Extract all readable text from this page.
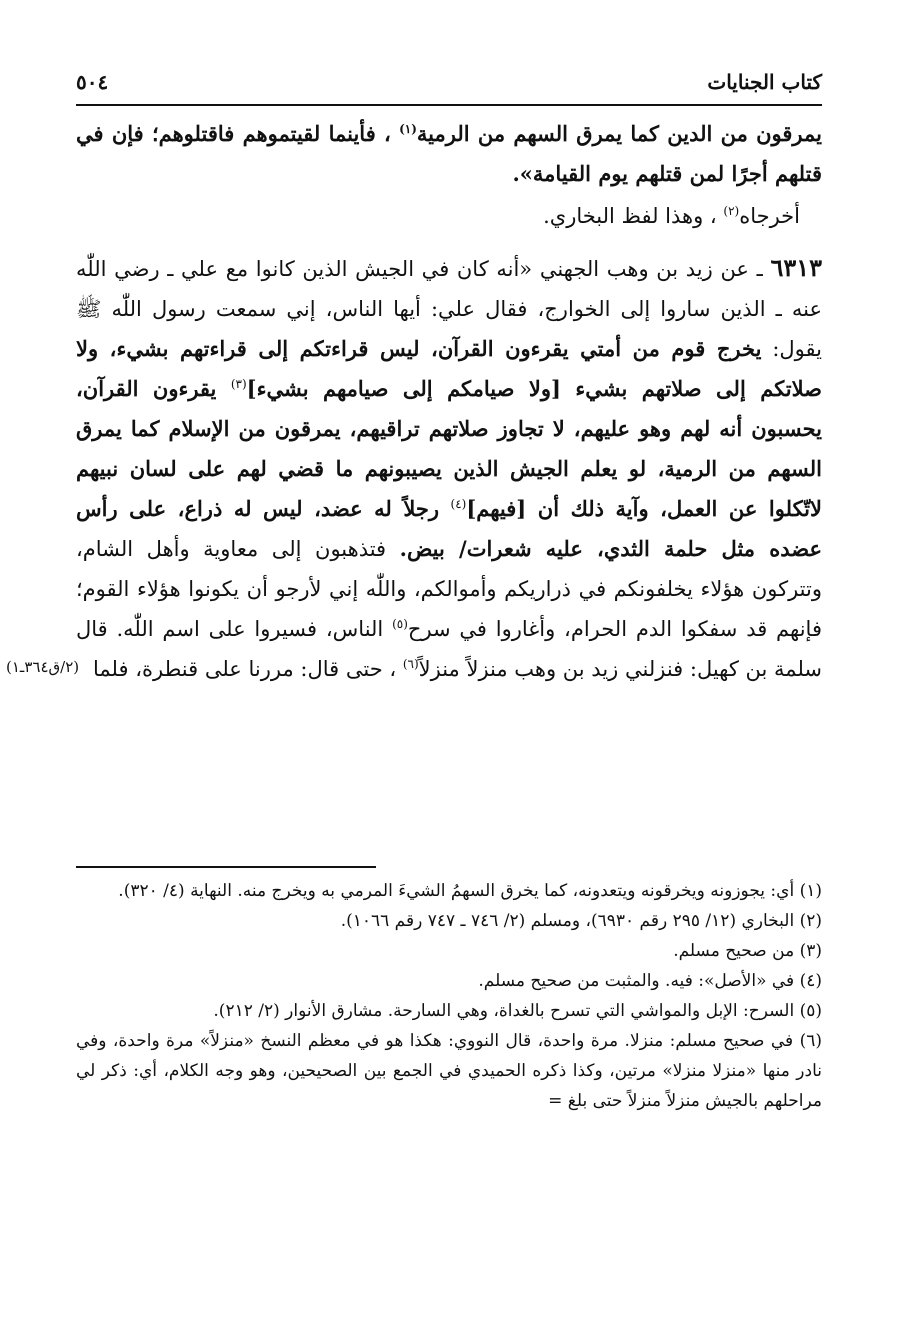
كتاب الجنايات
٥٠٤

يمرقون من الدين كما يمرق السهم من الرمية$^{(١)}$ ، فأينما لقيتموهم فاقتلوهم؛ فإن في قتلهم أجرًا لمن قتلهم يوم القيامة».

أخرجاه$^{(٢)}$ ، وهذا لفظ البخاري.

٦٣١٣ ـ عن زيد بن وهب الجهني «أنه كان في الجيش الذين كانوا مع علي ـ رضي اللّٰه عنه ـ الذين ساروا إلى الخوارج، فقال علي: أيها الناس، إني سمعت رسول اللّٰه ﷺ يقول: يخرج قوم من أمتي يقرءون القرآن، ليس قراءتكم إلى قراءتهم بشيء، ولا صلاتكم إلى صلاتهم بشيء [ولا صيامكم إلى صيامهم بشيء]$^{(٣)}$ يقرءون القرآن، يحسبون أنه لهم وهو عليهم، لا تجاوز صلاتهم تراقيهم، يمرقون من الإسلام كما يمرق السهم من الرمية، لو يعلم الجيش الذين يصيبونهم ما قضي لهم على لسان نبيهم لاتّكلوا عن العمل، وآية ذلك أن [فيهم]$^{(٤)}$ رجلاً له عضد، ليس له ذراع، على رأس عضده مثل حلمة الثدي، عليه شعرات/ بيض. فتذهبون إلى معاوية وأهل الشام، وتتركون هؤلاء يخلفونكم في ذراريكم وأموالكم، واللّٰه إني لأرجو أن يكونوا هؤلاء القوم؛ فإنهم قد سفكوا الدم الحرام، وأغاروا في سرح$^{(٥)}$ الناس، فسيروا على اسم اللّٰه. قال سلمة بن كهيل: فنزلني زيد بن وهب منزلاً منزلاً$^{(٦)}$ ، حتى قال: مررنا على قنطرة، فلما

(٢/ق٣٦٤ـ١)

(١) أي: يجوزونه ويخرقونه ويتعدونه، كما يخرق السهمُ الشيءَ المرمي به ويخرج منه. النهاية (٤/ ٣٢٠).

(٢) البخاري (١٢/ ٢٩٥ رقم ٦٩٣٠)، ومسلم (٢/ ٧٤٦ ـ ٧٤٧ رقم ١٠٦٦).

(٣) من صحيح مسلم.

(٤) في «الأصل»: فيه. والمثبت من صحيح مسلم.

(٥) السرح: الإبل والمواشي التي تسرح بالغداة، وهي السارحة. مشارق الأنوار (٢/ ٢١٢).

(٦) في صحيح مسلم: منزلا. مرة واحدة، قال النووي: هكذا هو في معظم النسخ «منزلاً» مرة واحدة، وفي نادر منها «منزلا منزلا» مرتين، وكذا ذكره الحميدي في الجمع بين الصحيحين، وهو وجه الكلام، أي: ذكر لي مراحلهم بالجيش منزلاً منزلاً حتى بلغ =
